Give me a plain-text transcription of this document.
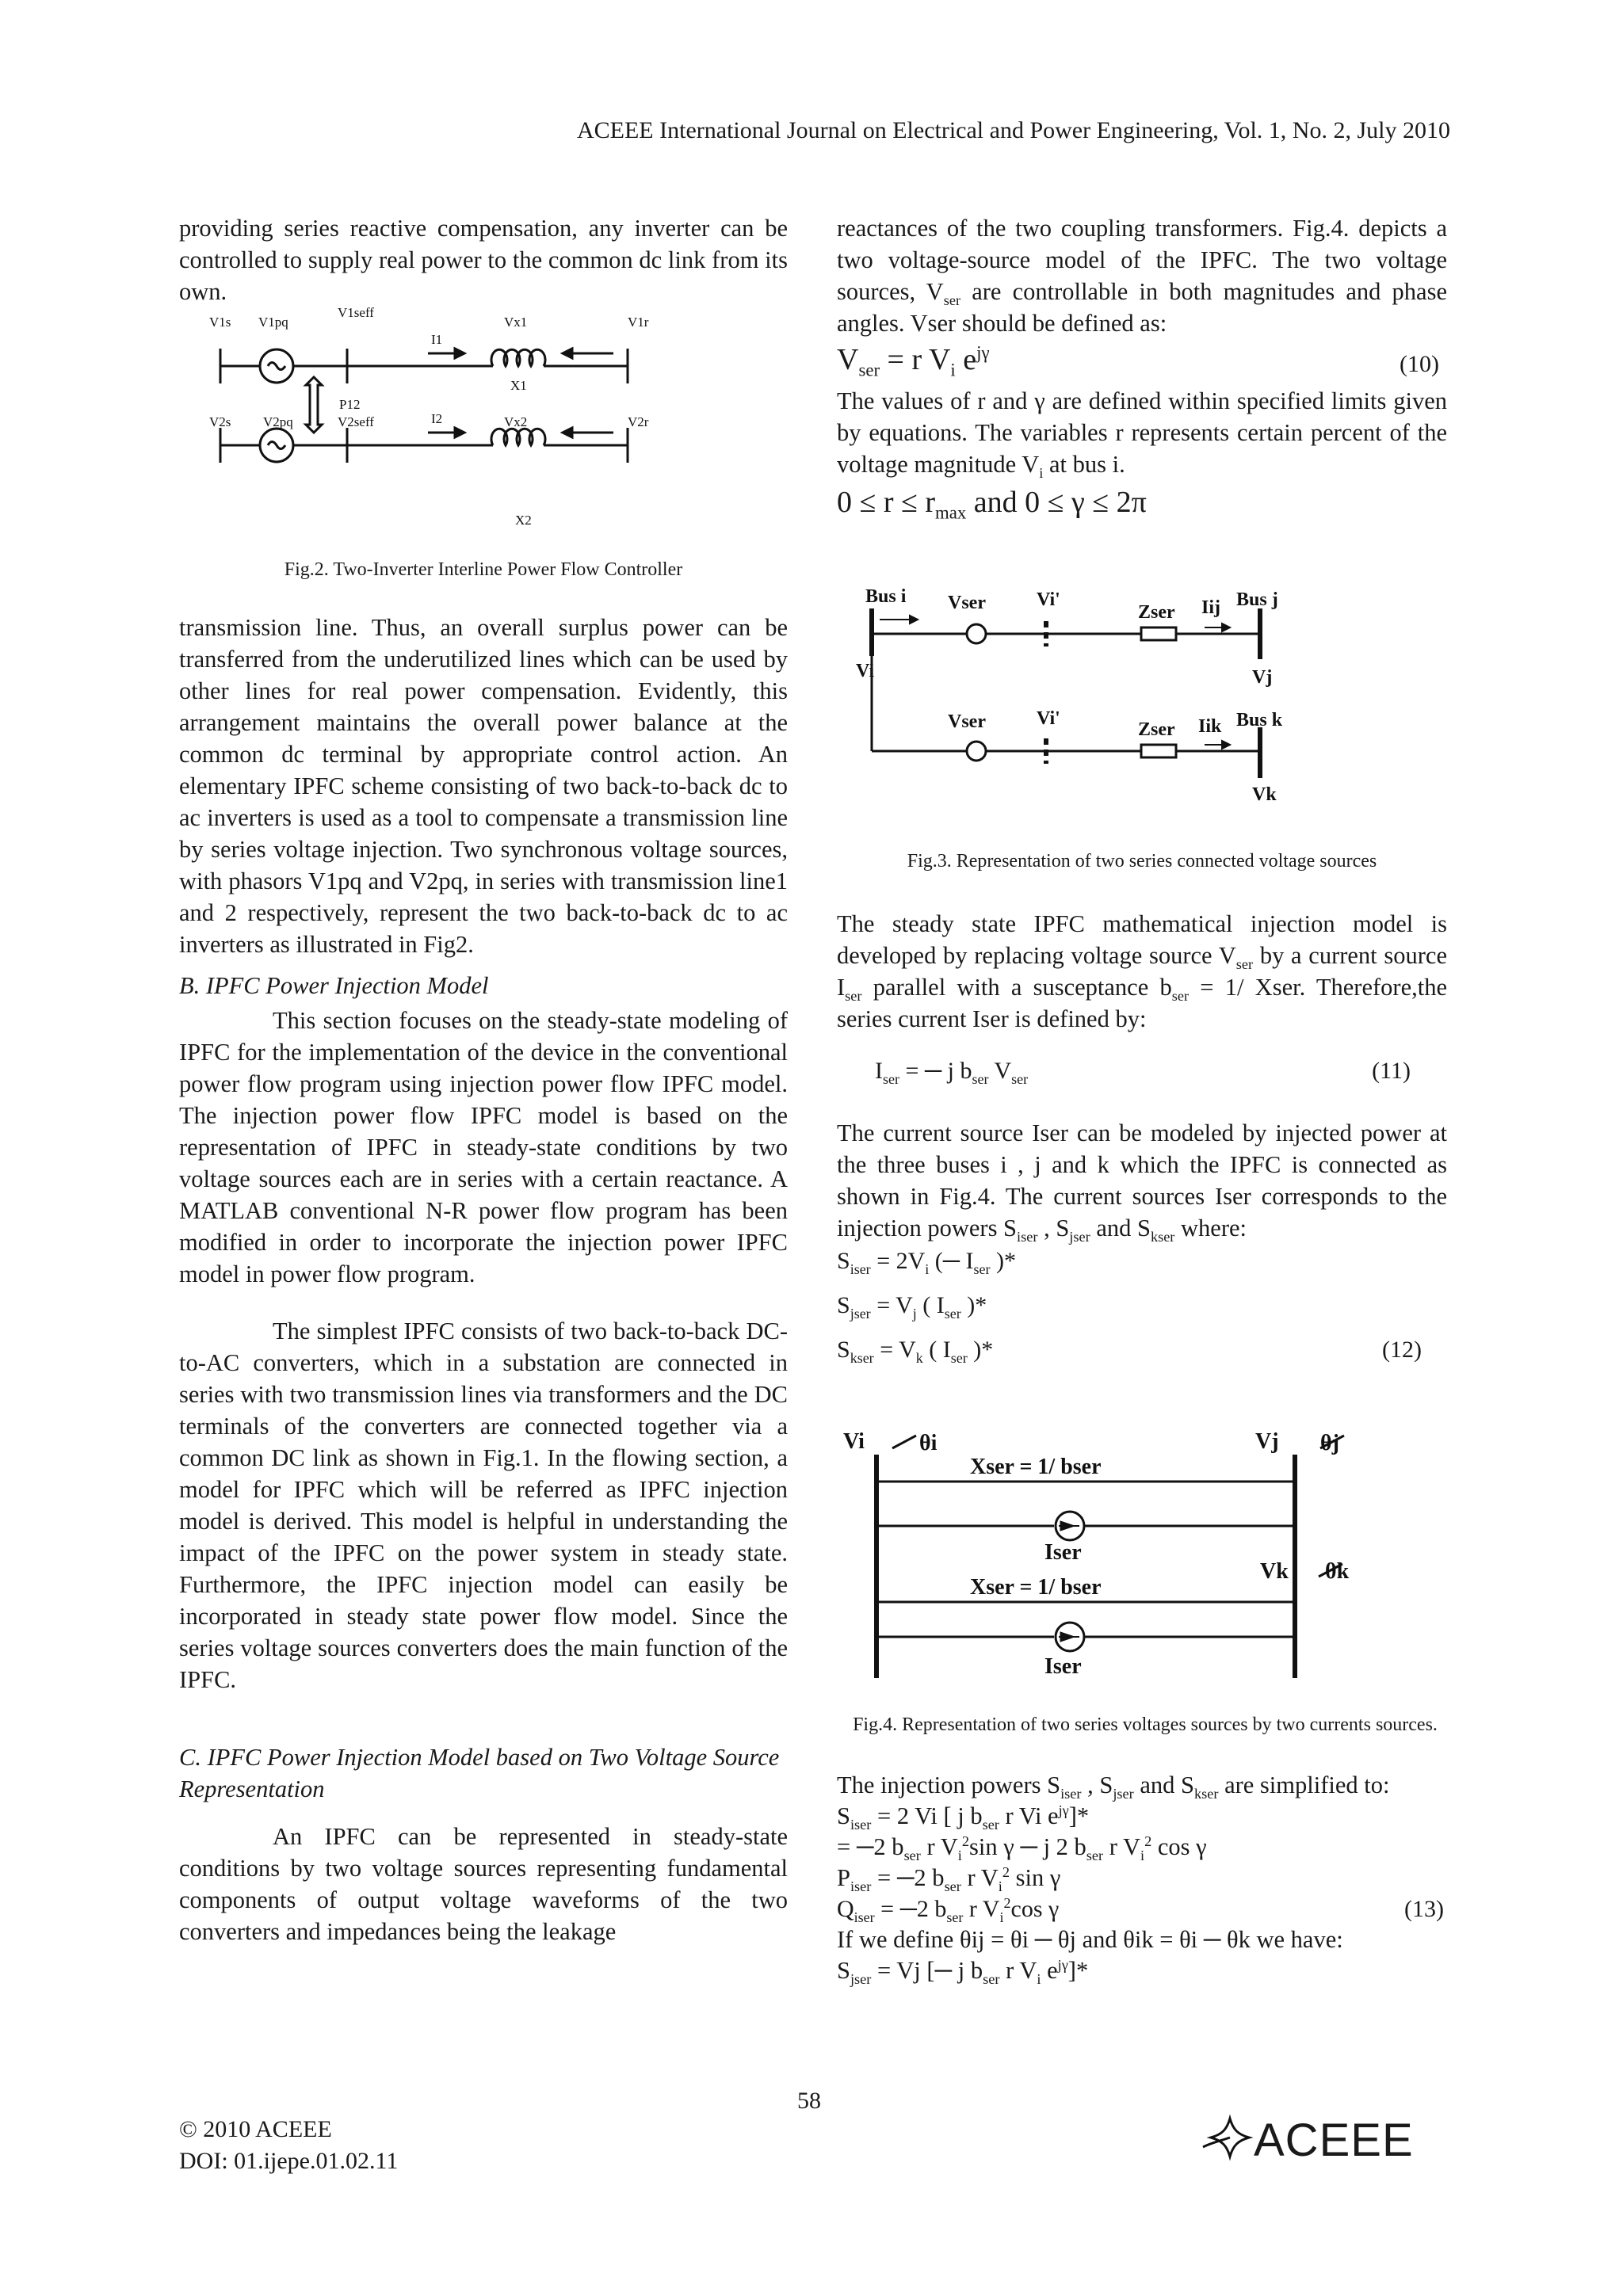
ACEEE International Journal on Electrical and Power Engineering, Vol. 1, No. 2, July 2010

providing series reactive compensation, any inverter can be controlled to supply real power to the common dc link from its own.

V1s V1pq
V1seff
I1
Vx1	V1r
X1
P12
V2s V2pq	V2seff	I2	Vx2	V2r
X2
Fig.2. Two-Inverter Interline Power Flow Controller

transmission line. Thus, an overall surplus power can be transferred from the underutilized lines which can be used by other lines for real power compensation. Evidently, this arrangement maintains the overall power balance at the common dc terminal by appropriate control action. An elementary IPFC scheme consisting of two back-to-back dc to ac inverters is used as a tool to compensate a transmission line by series voltage injection. Two synchronous voltage sources, with phasors V1pq and V2pq, in series with transmission line1 and 2 respectively, represent the two back-to-back dc to ac inverters as illustrated in Fig2.

B. IPFC Power Injection Model

This section focuses on the steady-state modeling of IPFC for the implementation of the device in the conventional power flow program using injection power flow IPFC model. The injection power flow IPFC model is based on the representation of IPFC in steady-state conditions by two voltage sources each are in series with a certain reactance. A MATLAB conventional N-R power flow program has been modified in order to incorporate the injection power IPFC model in power flow program.

The simplest IPFC consists of two back-to-back DC-to-AC converters, which in a substation are connected in series with two transmission lines via transformers and the DC terminals of the converters are connected together via a common DC link as shown in Fig.1. In the flowing section, a model for IPFC which will be referred as IPFC injection model is derived. This model is helpful in understanding the impact of the IPFC on the power system in steady state. Furthermore, the IPFC injection model can easily be incorporated in steady state power flow model. Since the series voltage sources converters does the main function of the IPFC.

C. IPFC Power Injection Model based on Two Voltage Source Representation

An IPFC can be represented in steady-state conditions by two voltage sources representing fundamental components of output voltage waveforms of the two converters and impedances being the leakage

reactances of the two coupling transformers. Fig.4. depicts a two voltage-source model of the IPFC. The two voltage sources, $V_{ser}$ are controllable in both magnitudes and phase angles. Vser should be defined as:

$V_{ser} = r$ $V_i$ $e^{j\gamma}$	(10)

The values of r and γ are defined within specified limits given by equations. The variables r represents certain percent of the voltage magnitude $V_i$ at bus i.

$0 \le r \le r_{max}$ and 0 ≤ γ ≤ 2π
Bus i Vser	Vi'
Zser Iij Bus j
Vi	Vj
Vser	Vi'
Zser Iik Bus k
Vk
Fig.3. Representation of two series connected voltage sources

The steady state IPFC mathematical injection model is developed by replacing voltage source $V_{ser}$ by a current source $I_{ser}$ parallel with a susceptance $b_{ser} = 1/$ Xser. Therefore,the series current Iser is defined by:

$I_{ser}$ = ─ j $b_{ser}$ $V_{ser}$	(11)

The current source Iser can be modeled by injected power at the three buses i , j and k which the IPFC is connected as shown in Fig.4. The current sources Iser corresponds to the injection powers $S_{iser}$ , $S_{jser}$ and $S_{kser}$ where:

$S_{iser} = 2V_i$ (─ $I_{ser}$ )*
$S_{jser} = V_j$ ( $I_{ser}$ )*
$S_{kser} = V_k$ ( $I_{ser}$ )*	(12)
Vi θi	Vj θj
Xser = 1/ bser
Iser
Vk θk
Xser = 1/ bser
Iser
Fig.4. Representation of two series voltages sources by two currents sources.

The injection powers $S_{iser}$ , $S_{jser}$ and $S_{kser}$ are simplified to:

$S_{iser} = 2$ Vi [ j $b_{ser}$ r Vi $e^{j\gamma}]*$
= ─2 $b_{ser}$ r $V_i^2\sin$ γ ─ j 2 $b_{ser}$ r $V_i^2$ cos γ
$P_{iser}$ = ─2 $b_{ser}$ r $V_i^2$ sin γ
$Q_{iser}$ = ─2 $b_{ser}$ r $V_i^2\cos$ γ	(13)
If we define θij = θi ─ θj and θik = θi ─ θk we have:
$S_{jser} = Vj$ [─ j $b_{ser}$ r $V_i$ $e^{j\gamma}]*$
58
© 2010 ACEEE
DOI: 01.ijepe.01.02.11	ACEEE
